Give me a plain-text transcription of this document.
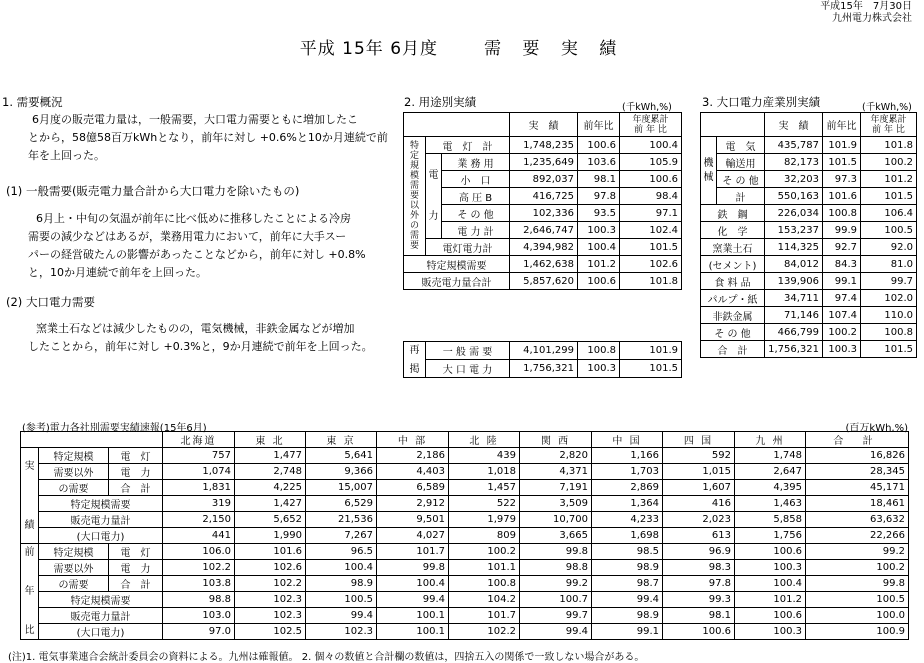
平成15年　7月30日
九州電力株式会社
平成 15年 6月度	需 要 実 績
1. 需要概況
6月度の販売電力量は，一般需要，大口電力需要ともに増加したこ
とから，58億58百万kWhとなり，前年に対し +0.6%と10か月連続で前
年を上回った。
(1) 一般需要(販売電力量合計から大口電力を除いたもの)
6月上・中旬の気温が前年に比べ低めに推移したことによる冷房
需要の減少などはあるが，業務用電力において，前年に大手スー
パーの経営破たんの影響があったことなどから，前年に対し +0.8%
と，10か月連続で前年を上回った。
(2) 大口電力需要
窯業土石などは減少したものの，電気機械，非鉄金属などが増加
したことから，前年に対し +0.3%と，9か月連続で前年を上回った。
2. 用途別実績	(千kWh,%)
			実　績	前年比	年度累計
前 年 比

特定規模需要以外の需要	電　灯　計		1,748,235	100.6	100.4

	電
力	業 務 用	1,235,649	103.6	105.9
		小　口	892,037	98.1	100.6
		高 圧 B	416,725	97.8	98.4
		そ の 他	102,336	93.5	97.1
		電 力 計	2,646,747	100.3	102.4
	電灯電力計		4,394,982	100.4	101.5
特定規模需要			1,462,638	101.2	102.6
販売電力量合計			5,857,620	100.6	101.8
再
掲	一 般 需 要	4,101,299	100.8	101.9
	大 口 電 力	1,756,321	100.3	101.5
3. 大口電力産業別実績	(千kWh,%)
		実　績	前年比	年度累計
前 年 比

機械	電　気	435,787	101.9	101.8
	輸送用	82,173	101.5	100.2
	そ の 他	32,203	97.3	101.2
	計	550,163	101.6	101.5
鉄　鋼		226,034	100.8	106.4
化　学		153,237	99.9	100.5
窯業土石		114,325	92.7	92.0
(セメント)		84,012	84.3	81.0
食 料 品		139,906	99.1	99.7
パルプ・紙		34,711	97.4	102.0
非鉄金属		71,146	107.4	110.0
そ の 他		466,799	100.2	100.8
合　計		1,756,321	100.3	101.5
(参考)電力各社別需要実績速報(15年6月)	(百万kWh,%)
			北海道	東 北	東 京	中 部	北 陸	関 西	中 国	四 国	九 州	合 計

実
績	特定規模	電　灯	757	1,477	5,641	2,186	439	2,820	1,166	592	1,748	16,826
	需要以外	電　力	1,074	2,748	9,366	4,403	1,018	4,371	1,703	1,015	2,647	28,345
	の需要	合　計	1,831	4,225	15,007	6,589	1,457	7,191	2,869	1,607	4,395	45,171
	特定規模需要		319	1,427	6,529	2,912	522	3,509	1,364	416	1,463	18,461
	販売電力量計		2,150	5,652	21,536	9,501	1,979	10,700	4,233	2,023	5,858	63,632
	(大口電力)		441	1,990	7,267	4,027	809	3,665	1,698	613	1,756	22,266

前
年
比	特定規模	電　灯	106.0	101.6	96.5	101.7	100.2	99.8	98.5	96.9	100.6	99.2
	需要以外	電　力	102.2	102.6	100.4	99.8	101.1	98.8	98.9	98.3	100.3	100.2
	の需要	合　計	103.8	102.2	98.9	100.4	100.8	99.2	98.7	97.8	100.4	99.8
	特定規模需要		98.8	102.3	100.5	99.4	104.2	100.7	99.4	99.3	101.2	100.5
	販売電力量計		103.0	102.3	99.4	100.1	101.7	99.7	98.9	98.1	100.6	100.0
	(大口電力)		97.0	102.5	102.3	100.1	102.2	99.4	99.1	100.6	100.3	100.9
(注)1. 電気事業連合会統計委員会の資料による。九州は確報値。 2. 個々の数値と合計欄の数値は，四捨五入の関係で一致しない場合がある。
